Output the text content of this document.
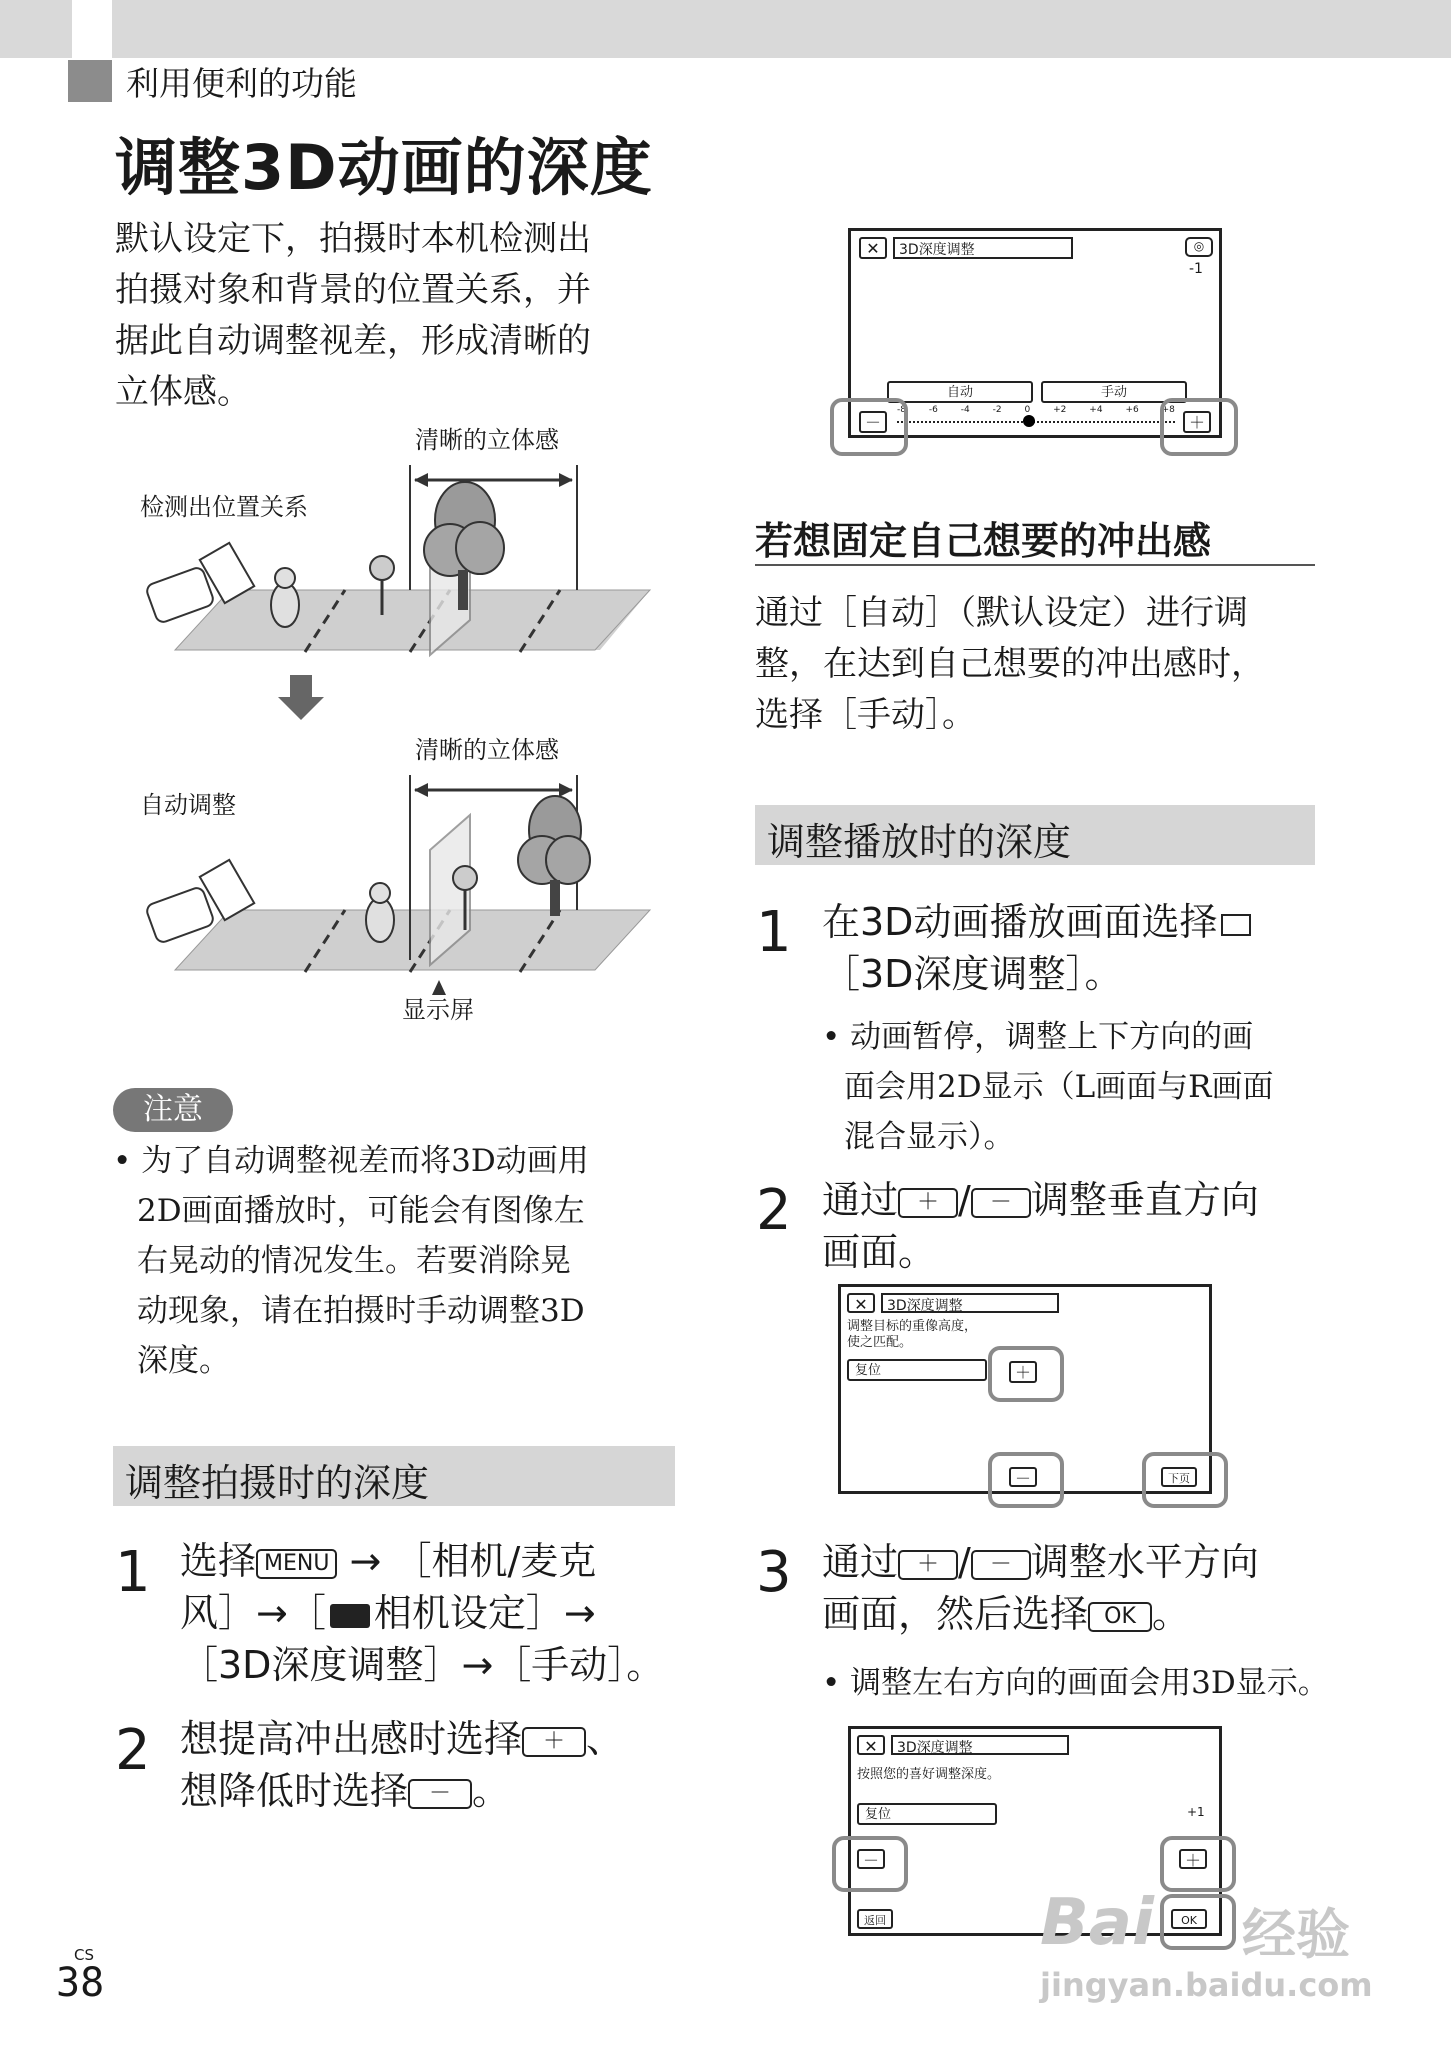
利用便利的功能
调整3D动画的深度
默认设定下，拍摄时本机检测出
拍摄对象和背景的位置关系，并
据此自动调整视差，形成清晰的
立体感。
清晰的立体感
检测出位置关系
清晰的立体感
自动调整
显示屏
注意
• 为了自动调整视差而将3D动画用
2D画面播放时，可能会有图像左
右晃动的情况发生。若要消除晃
动现象，请在拍摄时手动调整3D
深度。
调整拍摄时的深度
1 选择 MENU → ［相机/麦克
风］→［ 相机设定］→
［3D深度调整］→［手动］。
2 想提高冲出感时选择 ＋ 、
想降低时选择 － 。
✕	3D深度调整	◎
-1
自动	手动
－	＋
-8	-6	-4	-2	0	+2	+4	+6	+8
若想固定自己想要的冲出感
通过［自动］（默认设定）进行调
整，在达到自己想要的冲出感时，
选择［手动］。
调整播放时的深度
1 在3D动画播放画面选择
［3D深度调整］。
• 动画暂停，调整上下方向的画
面会用2D显示（L画面与R画面
混合显示）。
2 通过 ＋ / － 调整垂直方向
画面。
✕	3D深度调整
调整目标的重像高度，
使之匹配。
复位	＋
－	下页
3 通过 ＋ / － 调整水平方向
画面，然后选择 OK 。
• 调整左右方向的画面会用3D显示。
✕	3D深度调整
按照您的喜好调整深度。
复位	+1
－	＋
返回	OK
CS
38
Bai 经验
jingyan.baidu.com
